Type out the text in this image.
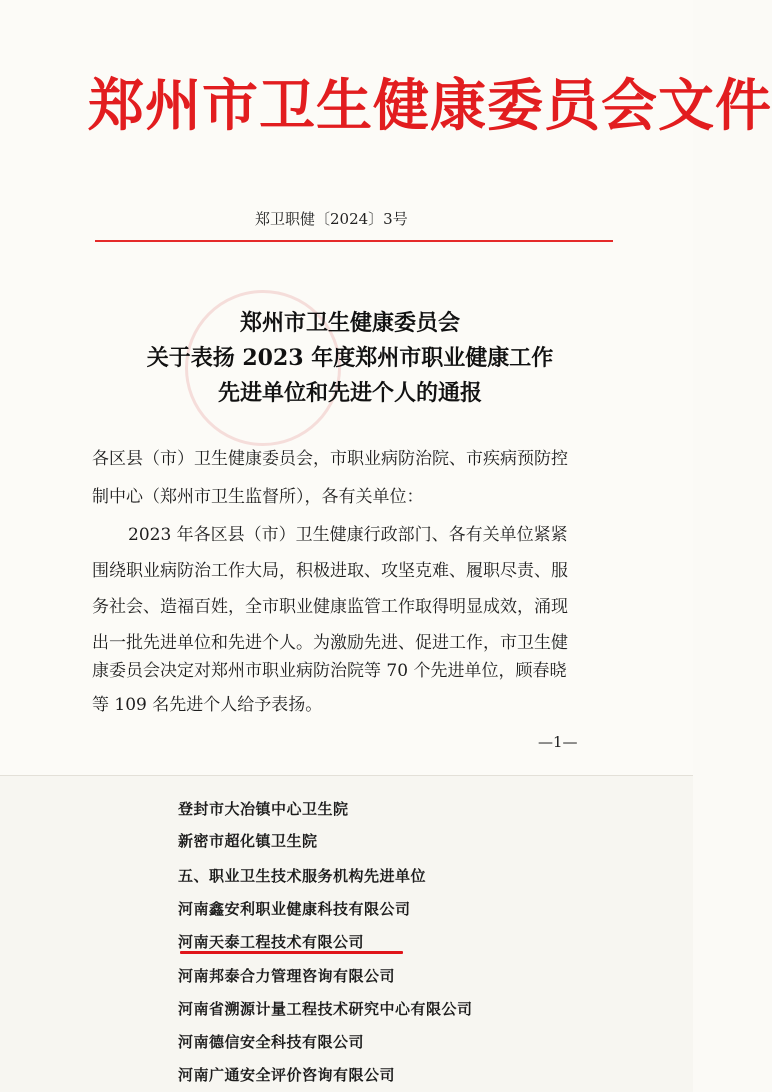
郑州市卫生健康委员会文件
郑卫职健〔2024〕3号
郑州市卫生健康委员会
关于表扬 2023 年度郑州市职业健康工作
先进单位和先进个人的通报
各区县（市）卫生健康委员会，市职业病防治院、市疾病预防控
制中心（郑州市卫生监督所），各有关单位：
2023 年各区县（市）卫生健康行政部门、各有关单位紧紧
围绕职业病防治工作大局，积极进取、攻坚克难、履职尽责、服
务社会、造福百姓，全市职业健康监管工作取得明显成效，涌现
出一批先进单位和先进个人。为激励先进、促进工作，市卫生健
康委员会决定对郑州市职业病防治院等 70 个先进单位，顾春晓
等 109 名先进个人给予表扬。
—1—
登封市大冶镇中心卫生院
新密市超化镇卫生院
五、职业卫生技术服务机构先进单位
河南鑫安利职业健康科技有限公司
河南天泰工程技术有限公司
河南邦泰合力管理咨询有限公司
河南省溯源计量工程技术研究中心有限公司
河南德信安全科技有限公司
河南广通安全评价咨询有限公司
